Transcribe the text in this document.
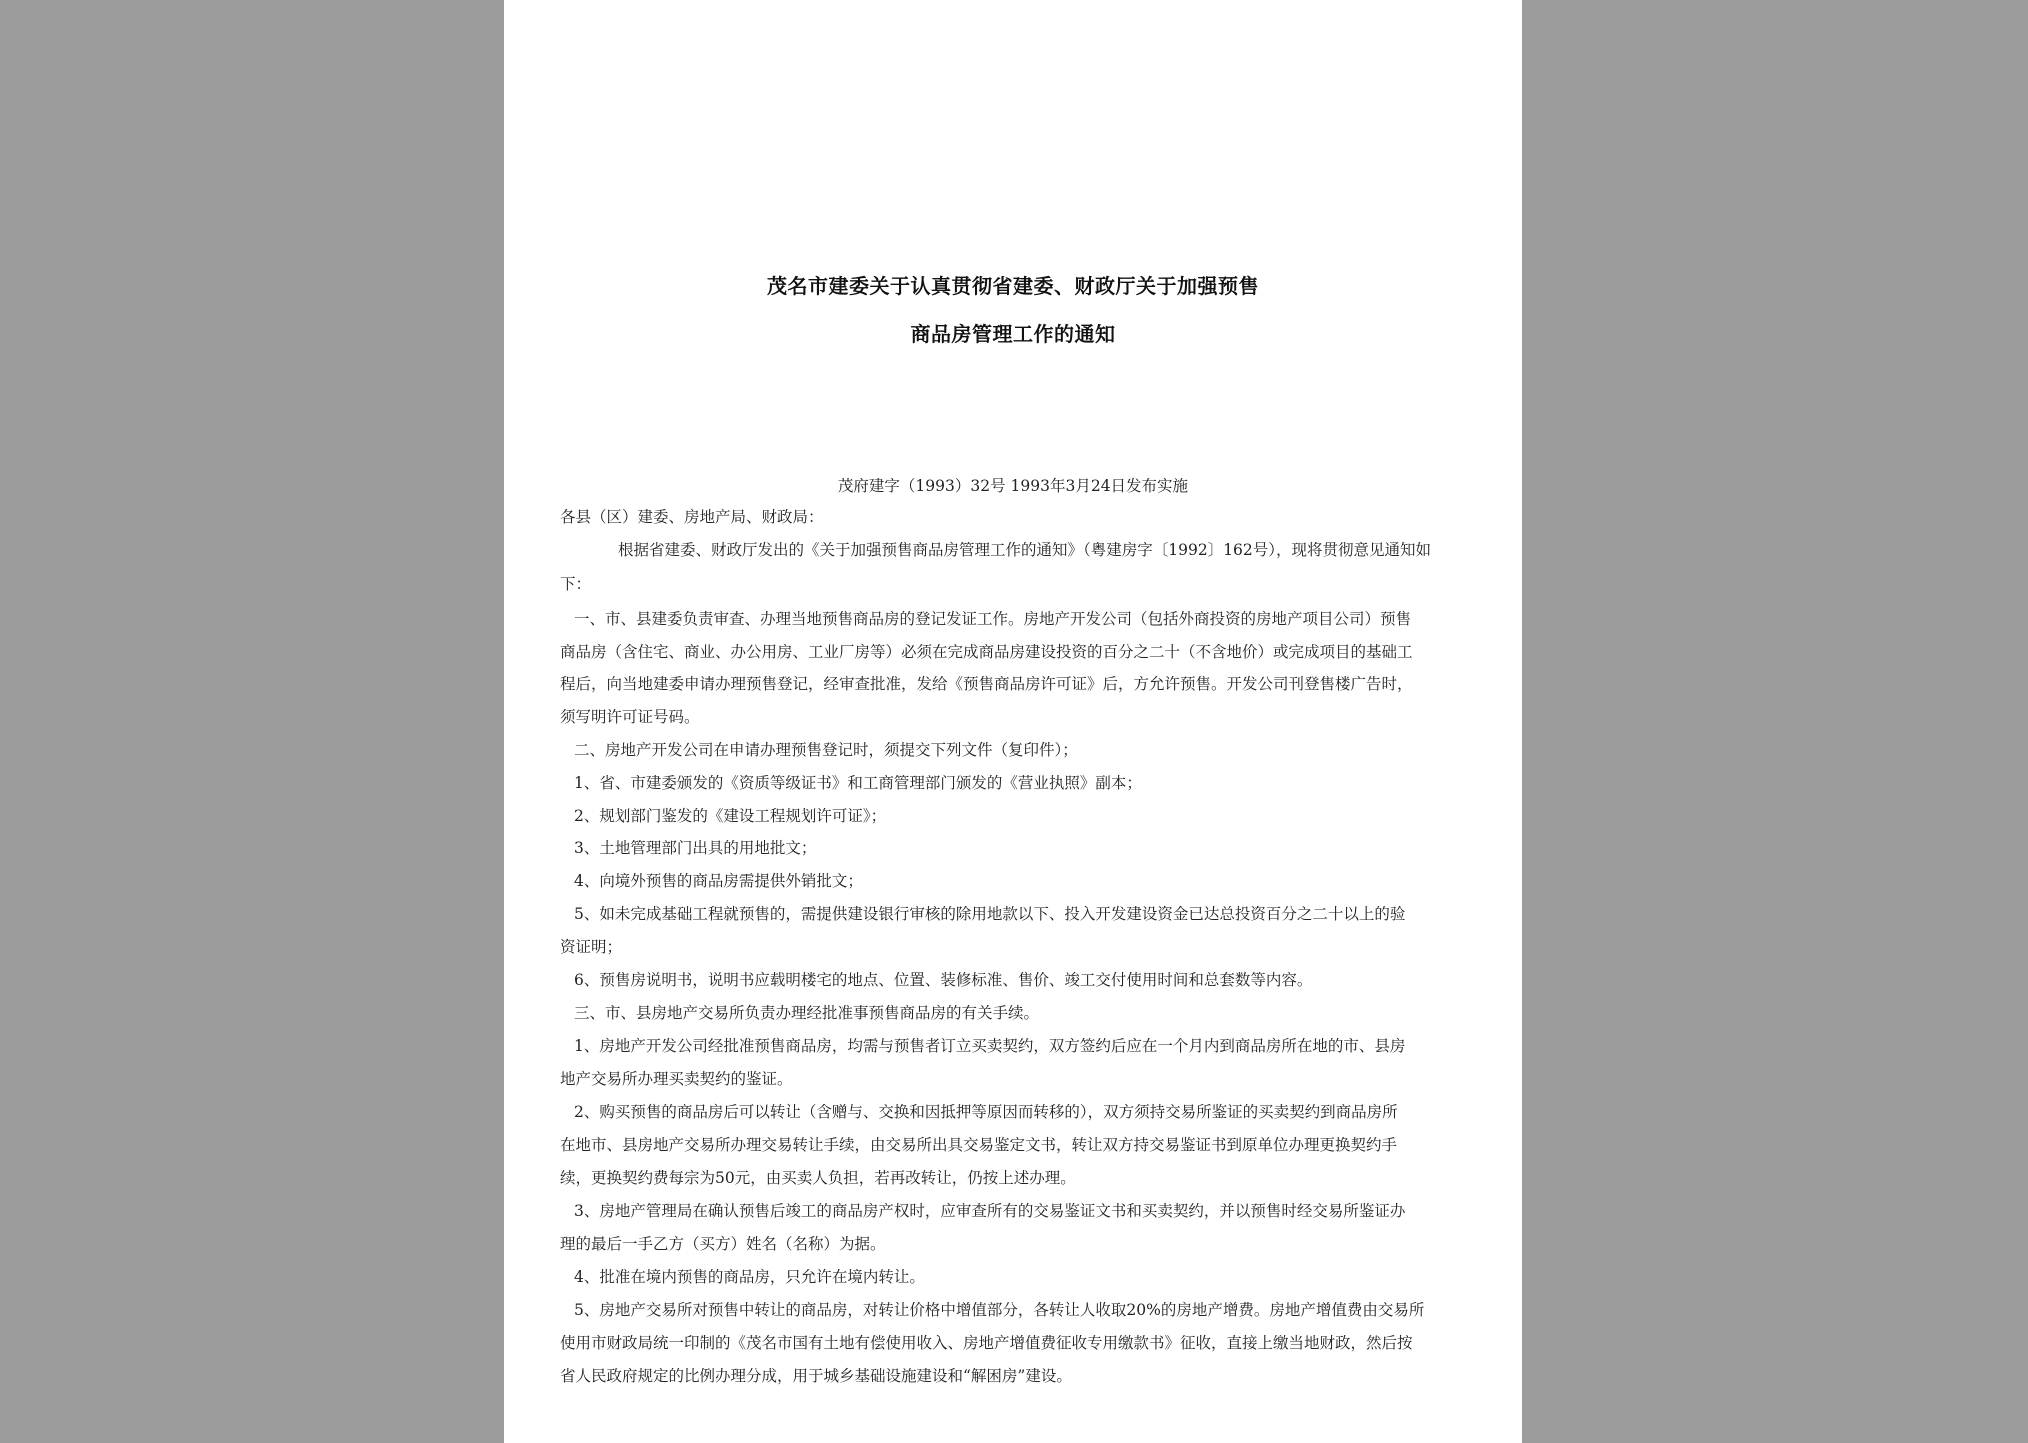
茂名市建委关于认真贯彻省建委、财政厅关于加强预售
商品房管理工作的通知
茂府建字（1993）32号 1993年3月24日发布实施
各县（区）建委、房地产局、财政局：
根据省建委、财政厅发出的《关于加强预售商品房管理工作的通知》（粤建房字〔1992〕162号），现将贯彻意见通知如
下：
一、市、县建委负责审查、办理当地预售商品房的登记发证工作。房地产开发公司（包括外商投资的房地产项目公司）预售
商品房（含住宅、商业、办公用房、工业厂房等）必须在完成商品房建设投资的百分之二十（不含地价）或完成项目的基础工
程后，向当地建委申请办理预售登记，经审查批准，发给《预售商品房许可证》后，方允许预售。开发公司刊登售楼广告时，
须写明许可证号码。
二、房地产开发公司在申请办理预售登记时，须提交下列文件（复印件）；
1、省、市建委颁发的《资质等级证书》和工商管理部门颁发的《营业执照》副本；
2、规划部门鉴发的《建设工程规划许可证》；
3、土地管理部门出具的用地批文；
4、向境外预售的商品房需提供外销批文；
5、如未完成基础工程就预售的，需提供建设银行审核的除用地款以下、投入开发建设资金已达总投资百分之二十以上的验
资证明；
6、预售房说明书，说明书应载明楼宅的地点、位置、装修标准、售价、竣工交付使用时间和总套数等内容。
三、市、县房地产交易所负责办理经批准事预售商品房的有关手续。
1、房地产开发公司经批准预售商品房，均需与预售者订立买卖契约，双方签约后应在一个月内到商品房所在地的市、县房
地产交易所办理买卖契约的鉴证。
2、购买预售的商品房后可以转让（含赠与、交换和因抵押等原因而转移的），双方须持交易所鉴证的买卖契约到商品房所
在地市、县房地产交易所办理交易转让手续，由交易所出具交易鉴定文书，转让双方持交易鉴证书到原单位办理更换契约手
续，更换契约费每宗为50元，由买卖人负担，若再改转让，仍按上述办理。
3、房地产管理局在确认预售后竣工的商品房产权时，应审查所有的交易鉴证文书和买卖契约，并以预售时经交易所鉴证办
理的最后一手乙方（买方）姓名（名称）为据。
4、批准在境内预售的商品房，只允许在境内转让。
5、房地产交易所对预售中转让的商品房，对转让价格中增值部分，各转让人收取20%的房地产增费。房地产增值费由交易所
使用市财政局统一印制的《茂名市国有土地有偿使用收入、房地产增值费征收专用缴款书》征收，直接上缴当地财政，然后按
省人民政府规定的比例办理分成，用于城乡基础设施建设和“解困房”建设。
